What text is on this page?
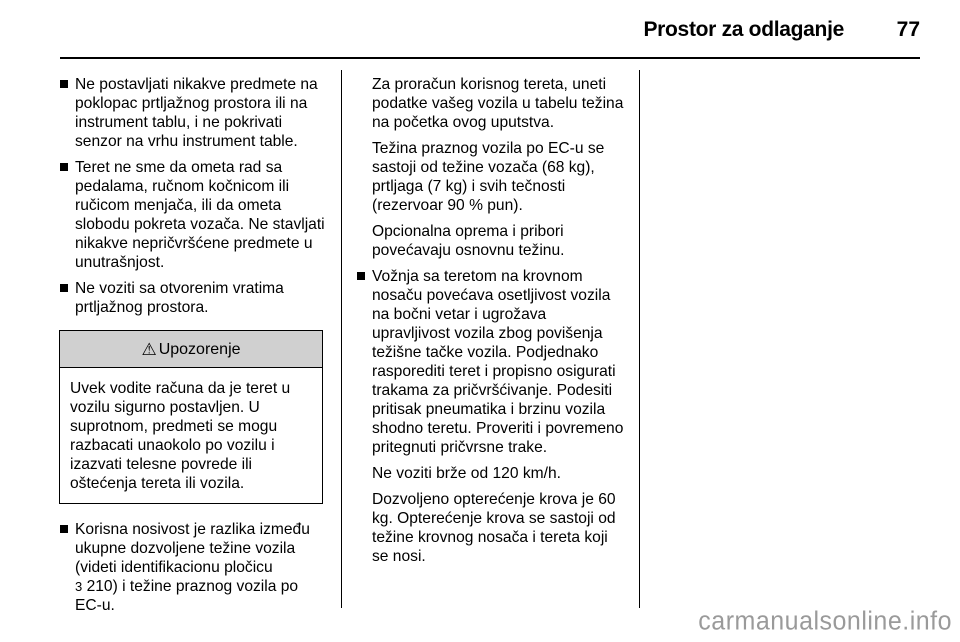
Prostor za odlaganje	77
Ne postavljati nikakve predmete na poklopac prtljažnog prostora ili na instrument tablu, i ne pokrivati senzor na vrhu instrument table.
Teret ne sme da ometa rad sa pedalama, ručnom kočnicom ili ručicom menjača, ili da ometa slobodu pokreta vozača. Ne stavljati nikakve nepričvršćene predmete u unutrašnjost.
Ne voziti sa otvorenim vratima prtljažnog prostora.
⚠ Upozorenje
Uvek vodite računa da je teret u vozilu sigurno postavljen. U suprotnom, predmeti se mogu razbacati unaokolo po vozilu i izazvati telesne povrede ili oštećenja tereta ili vozila.
Korisna nosivost je razlika između ukupne dozvoljene težine vozila (videti identifikacionu pločicu
3 210) i težine praznog vozila po EC-u.
Za proračun korisnog tereta, uneti podatke vašeg vozila u tabelu težina na početka ovog uputstva.
Težina praznog vozila po EC-u se sastoji od težine vozača (68 kg), prtljaga (7 kg) i svih tečnosti (rezervoar 90 % pun).
Opcionalna oprema i pribori povećavaju osnovnu težinu.
Vožnja sa teretom na krovnom nosaču povećava osetljivost vozila na bočni vetar i ugrožava upravljivost vozila zbog povišenja težišne tačke vozila. Podjednako rasporediti teret i propisno osigurati trakama za pričvršćivanje. Podesiti pritisak pneumatika i brzinu vozila shodno teretu. Proveriti i povremeno pritegnuti pričvrsne trake.
Ne voziti brže od 120 km/h.
Dozvoljeno opterećenje krova je 60 kg. Opterećenje krova se sastoji od težine krovnog nosača i tereta koji se nosi.
carmanualsonline.info
